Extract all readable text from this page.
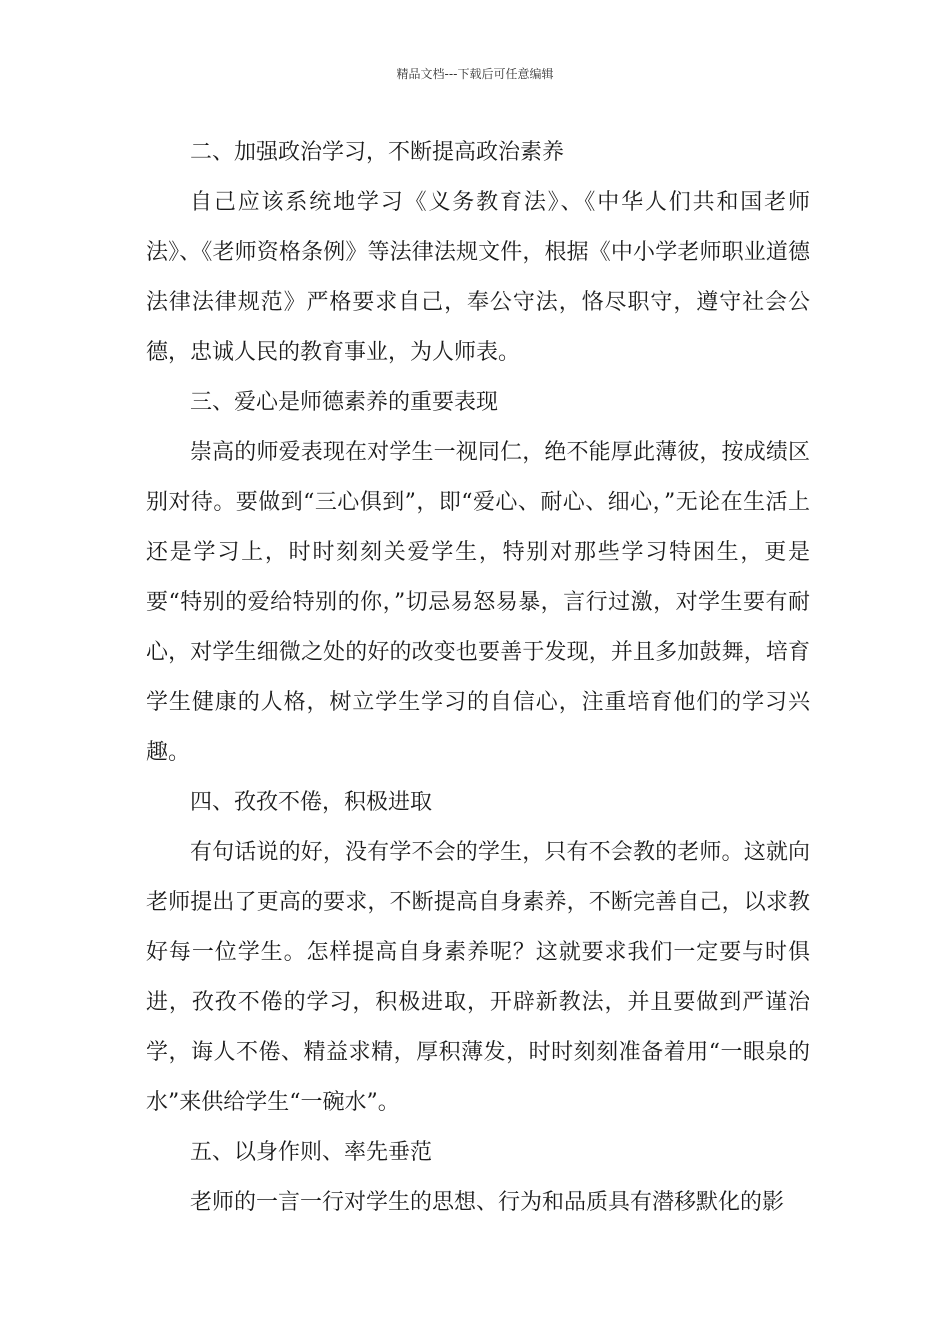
精品文档---下载后可任意编辑

二、加强政治学习，不断提高政治素养

自己应该系统地学习《义务教育法》、《中华人们共和国老师法》、《老师资格条例》等法律法规文件，根据《中小学老师职业道德法律法律规范》严格要求自己，奉公守法，恪尽职守，遵守社会公德，忠诚人民的教育事业，为人师表。

三、爱心是师德素养的重要表现

崇高的师爱表现在对学生一视同仁，绝不能厚此薄彼，按成绩区别对待。要做到“三心俱到”，即“爱心、耐心、细心，”无论在生活上还是学习上，时时刻刻关爱学生，特别对那些学习特困生，更是要“特别的爱给特别的你，”切忌易怒易暴，言行过激，对学生要有耐心，对学生细微之处的好的改变也要善于发现，并且多加鼓舞，培育学生健康的人格，树立学生学习的自信心，注重培育他们的学习兴趣。

四、孜孜不倦，积极进取

有句话说的好，没有学不会的学生，只有不会教的老师。这就向老师提出了更高的要求，不断提高自身素养，不断完善自己，以求教好每一位学生。怎样提高自身素养呢？这就要求我们一定要与时俱进，孜孜不倦的学习，积极进取，开辟新教法，并且要做到严谨治学，诲人不倦、精益求精，厚积薄发，时时刻刻准备着用“一眼泉的水”来供给学生“一碗水”。

五、以身作则、率先垂范

老师的一言一行对学生的思想、行为和品质具有潜移默化的影
